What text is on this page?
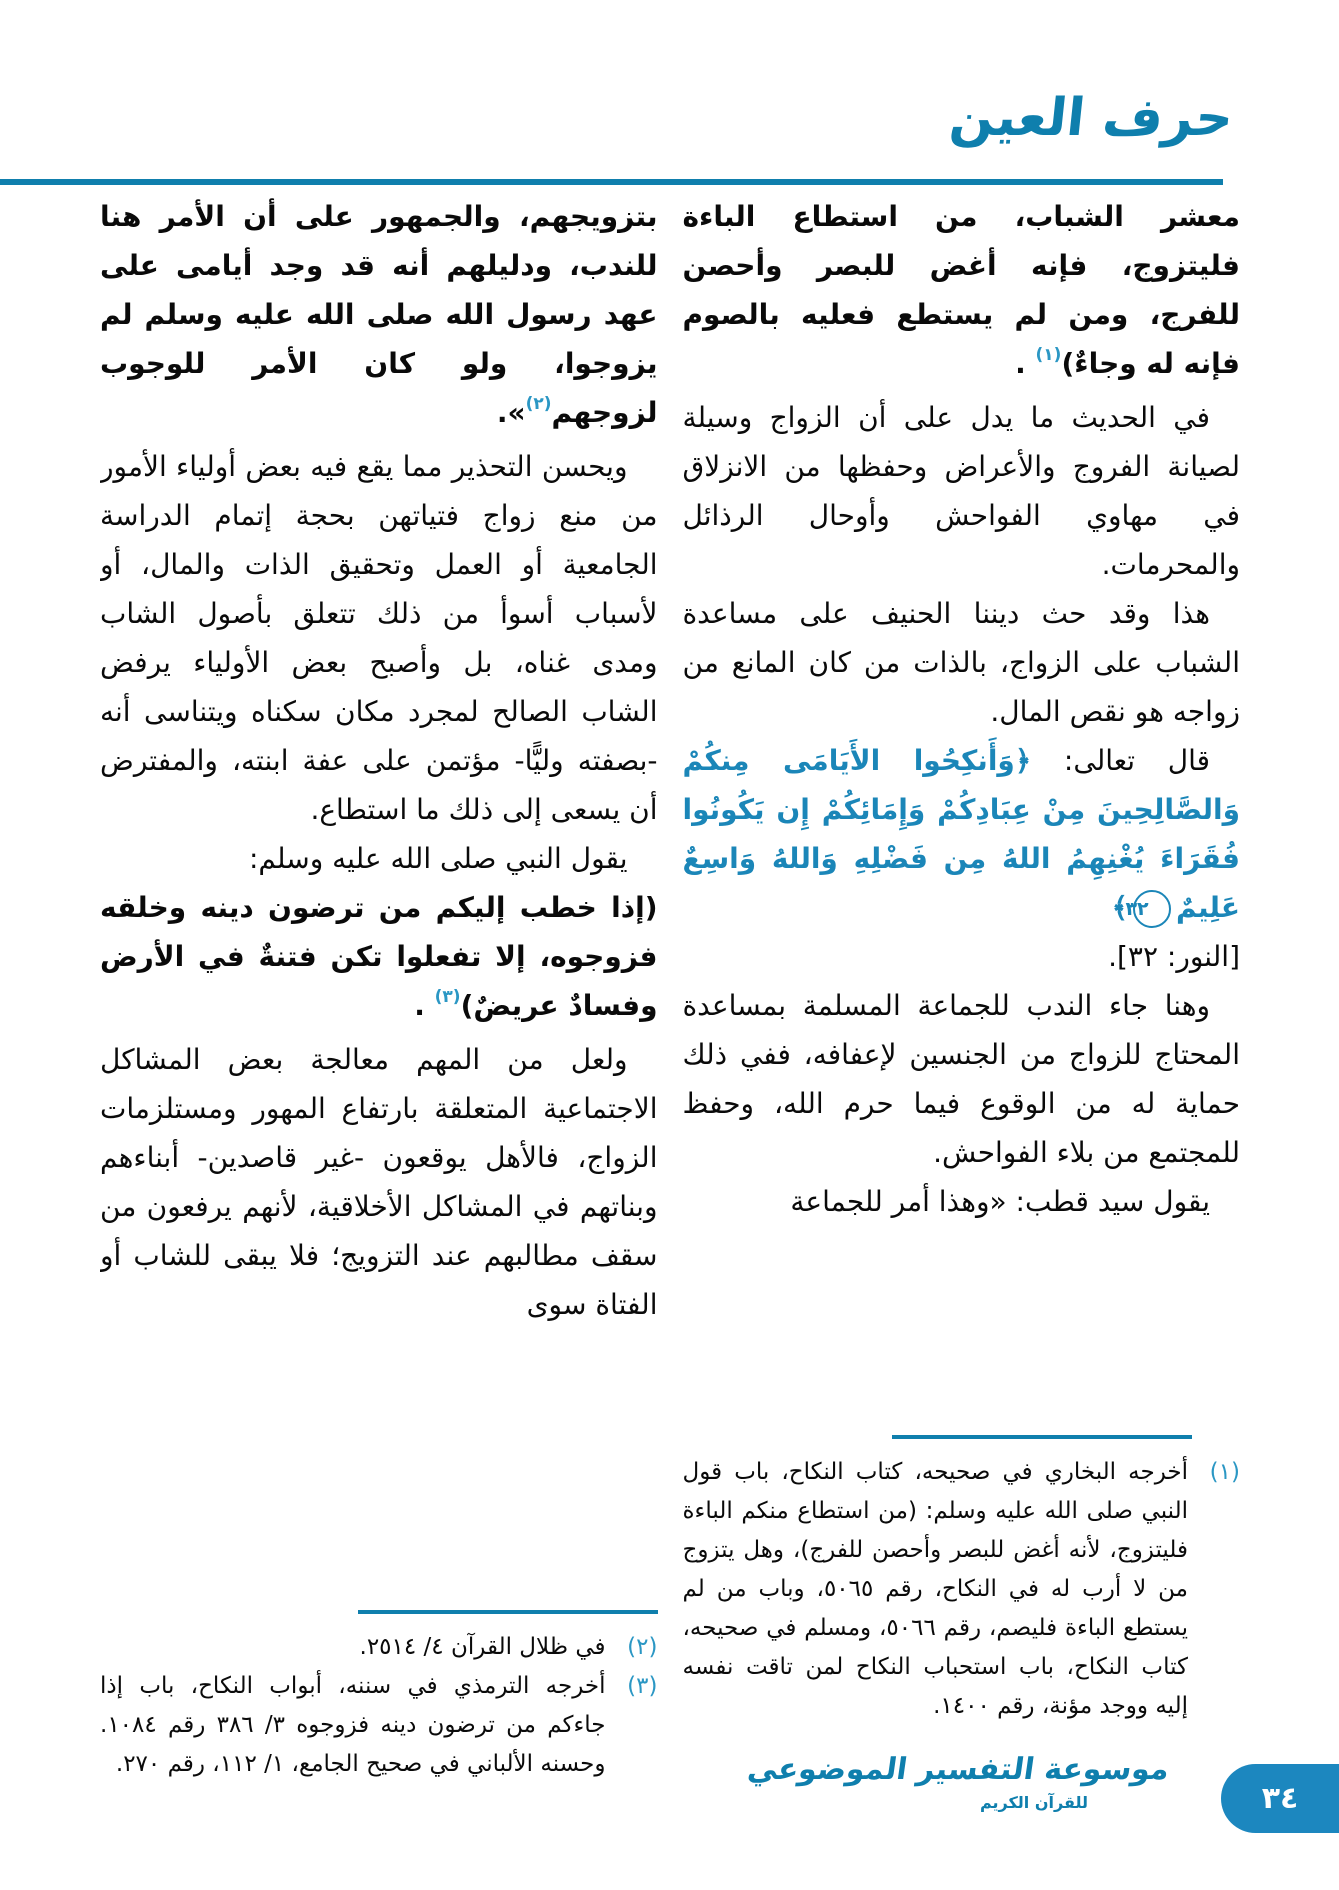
حرف العين

معشر الشباب، من استطاع الباءة فليتزوج، فإنه أغض للبصر وأحصن للفرج، ومن لم يستطع فعليه بالصوم فإنه له وجاءٌ)$^{(١)}$ .

في الحديث ما يدل على أن الزواج وسيلة لصيانة الفروج والأعراض وحفظها من الانزلاق في مهاوي الفواحش وأوحال الرذائل والمحرمات.

هذا وقد حث ديننا الحنيف على مساعدة الشباب على الزواج، بالذات من كان المانع من زواجه هو نقص المال.

قال تعالى: ﴿وَأَنكِحُوا الأَيَامَى مِنكُمْ وَالصَّالِحِينَ مِنْ عِبَادِكُمْ وَإِمَائِكُمْ إِن يَكُونُوا فُقَرَاءَ يُغْنِهِمُ اللهُ مِن فَضْلِهِ وَاللهُ وَاسِعٌ عَلِيمٌ٣٢﴾

[النور: ٣٢].

وهنا جاء الندب للجماعة المسلمة بمساعدة المحتاج للزواج من الجنسين لإعفافه، ففي ذلك حماية له من الوقوع فيما حرم الله، وحفظ للمجتمع من بلاء الفواحش.

يقول سيد قطب: «وهذا أمر للجماعة

(١)
أخرجه البخاري في صحيحه، كتاب النكاح، باب قول النبي صلى الله عليه وسلم: (من استطاع منكم الباءة فليتزوج، لأنه أغض للبصر وأحصن للفرج)، وهل يتزوج من لا أرب له في النكاح، رقم ٥٠٦٥، وباب من لم يستطع الباءة فليصم، رقم ٥٠٦٦، ومسلم في صحيحه، كتاب النكاح، باب استحباب النكاح لمن تاقت نفسه إليه ووجد مؤنة، رقم ١٤٠٠.

بتزويجهم، والجمهور على أن الأمر هنا للندب، ودليلهم أنه قد وجد أيامى على عهد رسول الله صلى الله عليه وسلم لم يزوجوا، ولو كان الأمر للوجوب لزوجهم$^{(٢)}$».

ويحسن التحذير مما يقع فيه بعض أولياء الأمور من منع زواج فتياتهن بحجة إتمام الدراسة الجامعية أو العمل وتحقيق الذات والمال، أو لأسباب أسوأ من ذلك تتعلق بأصول الشاب ومدى غناه، بل وأصبح بعض الأولياء يرفض الشاب الصالح لمجرد مكان سكناه ويتناسى أنه -بصفته وليًّا- مؤتمن على عفة ابنته، والمفترض أن يسعى إلى ذلك ما استطاع.

يقول النبي صلى الله عليه وسلم:

(إذا خطب إليكم من ترضون دينه وخلقه فزوجوه، إلا تفعلوا تكن فتنةٌ في الأرض وفسادٌ عريضٌ)$^{(٣)}$ .

ولعل من المهم معالجة بعض المشاكل الاجتماعية المتعلقة بارتفاع المهور ومستلزمات الزواج، فالأهل يوقعون -غير قاصدين- أبناءهم وبناتهم في المشاكل الأخلاقية، لأنهم يرفعون من سقف مطالبهم عند التزويج؛ فلا يبقى للشاب أو الفتاة سوى

(٢)
في ظلال القرآن ٤/ ٢٥١٤.
(٣)
أخرجه الترمذي في سننه، أبواب النكاح، باب إذا جاءكم من ترضون دينه فزوجوه ٣/ ٣٨٦ رقم ١٠٨٤. وحسنه الألباني في صحيح الجامع، ١/ ١١٢، رقم ٢٧٠.	موسوعة التفسير الموضوعي
للقرآن الكريم	٣٤
